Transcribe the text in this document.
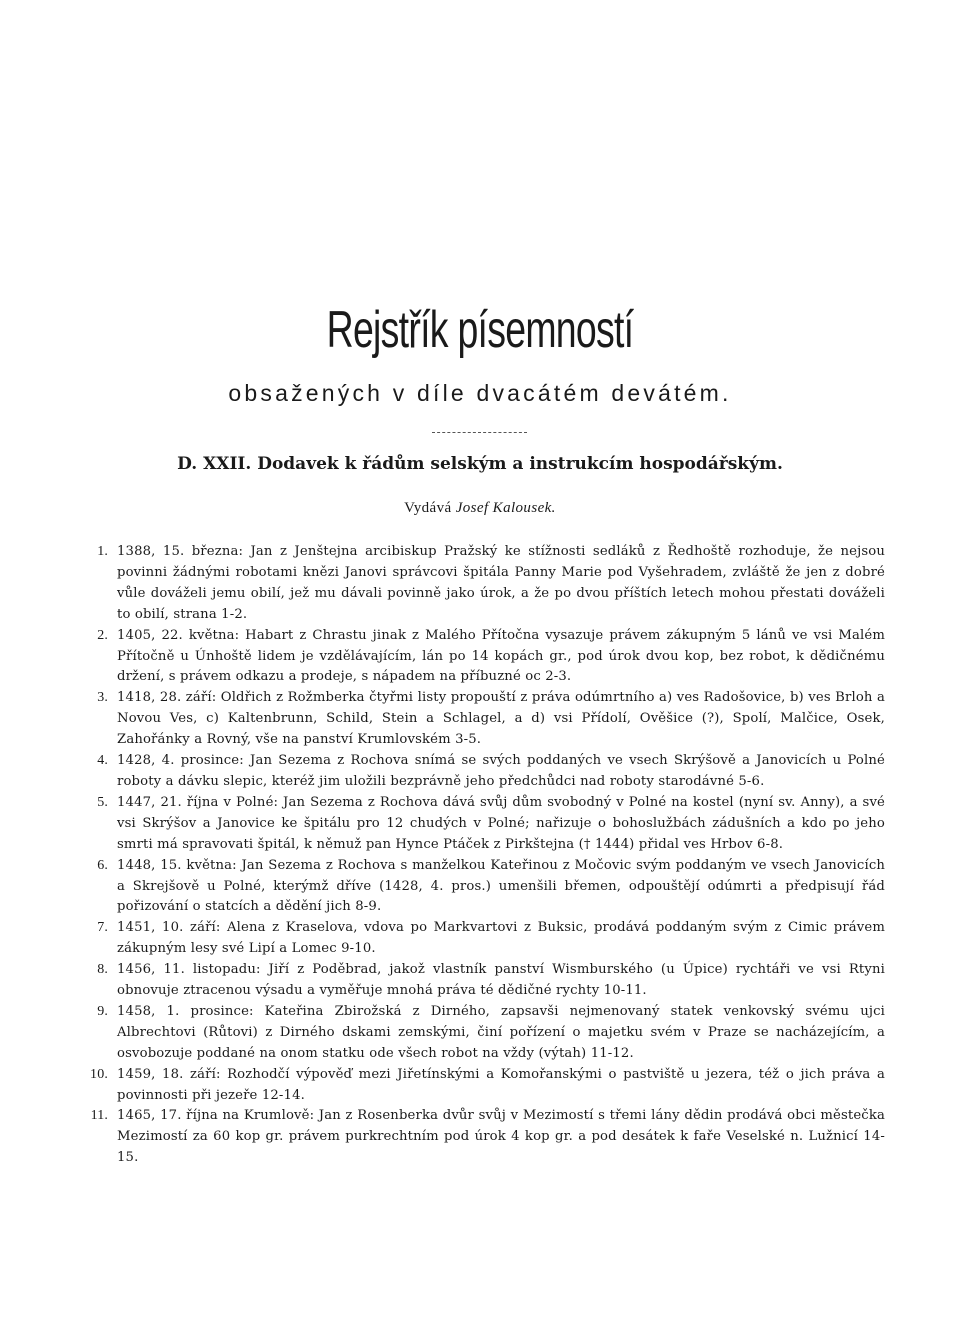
Rejstřík písemností
obsažených v díle dvacátém devátém.
D. XXII. Dodavek k řádům selským a instrukcím hospodářským.
Vydává Josef Kalousek.
1. 1388, 15. března: Jan z Jenštejna arcibiskup Pražský ke stížnosti sedláků z Ředhoště rozhoduje, že nejsou povinni žádnými robotami knězi Janovi správcovi špitála Panny Marie pod Vyšehradem, zvláště že jen z dobré vůle dováželi jemu obilí, jež mu dávali povinně jako úrok, a že po dvou příštích letech mohou přestati dováželi to obilí, strana 1-2.
2. 1405, 22. května: Habart z Chrastu jinak z Malého Přítočna vysazuje právem zákupným 5 lánů ve vsi Malém Přítočně u Únhoště lidem je vzdělávajícím, lán po 14 kopách gr., pod úrok dvou kop, bez robot, k dědičnému držení, s právem odkazu a prodeje, s nápadem na příbuzné oc 2-3.
3. 1418, 28. září: Oldřich z Rožmberka čtyřmi listy propouští z práva odúmrtního a) ves Radošovice, b) ves Brloh a Novou Ves, c) Kaltenbrunn, Schild, Stein a Schlagel, a d) vsi Přídolí, Ověšice (?), Spolí, Malčice, Osek, Zahořánky a Rovný, vše na panství Krumlovském 3-5.
4. 1428, 4. prosince: Jan Sezema z Rochova snímá se svých poddaných ve vsech Skrýšově a Janovicích u Polné roboty a dávku slepic, kteréž jim uložili bezprávně jeho předchůdci nad roboty starodávné 5-6.
5. 1447, 21. října v Polné: Jan Sezema z Rochova dává svůj dům svobodný v Polné na kostel (nyní sv. Anny), a své vsi Skrýšov a Janovice ke špitálu pro 12 chudých v Polné; nařizuje o bohoslužbách zádušních a kdo po jeho smrti má spravovati špitál, k němuž pan Hynce Ptáček z Pirkštejna († 1444) přidal ves Hrbov 6-8.
6. 1448, 15. května: Jan Sezema z Rochova s manželkou Kateřinou z Močovic svým poddaným ve vsech Janovicích a Skrejšově u Polné, kterýmž dříve (1428, 4. pros.) umenšili břemen, odpouštějí odúmrti a předpisují řád pořizování o statcích a dědění jich 8-9.
7. 1451, 10. září: Alena z Kraselova, vdova po Markvartovi z Buksic, prodává poddaným svým z Cimic právem zákupným lesy své Lipí a Lomec 9-10.
8. 1456, 11. listopadu: Jiří z Poděbrad, jakož vlastník panství Wismburského (u Úpice) rychtáři ve vsi Rtyni obnovuje ztracenou výsadu a vyměřuje mnohá práva té dědičné rychty 10-11.
9. 1458, 1. prosince: Kateřina Zbirožská z Dirného, zapsavši nejmenovaný statek venkovský svému ujci Albrechtovi (Růtovi) z Dirného dskami zemskými, činí pořízení o majetku svém v Praze se nacházejícím, a osvobozuje poddané na onom statku ode všech robot na vždy (výtah) 11-12.
10. 1459, 18. září: Rozhodčí výpověď mezi Jiřetínskými a Komořanskými o pastviště u jezera, též o jich práva a povinnosti při jezeře 12-14.
11. 1465, 17. října na Krumlově: Jan z Rosenberka dvůr svůj v Mezimostí s třemi lány dědin prodává obci městečka Mezimostí za 60 kop gr. právem purkrechtním pod úrok 4 kop gr. a pod desátek k faře Veselské n. Lužnicí 14-15.
